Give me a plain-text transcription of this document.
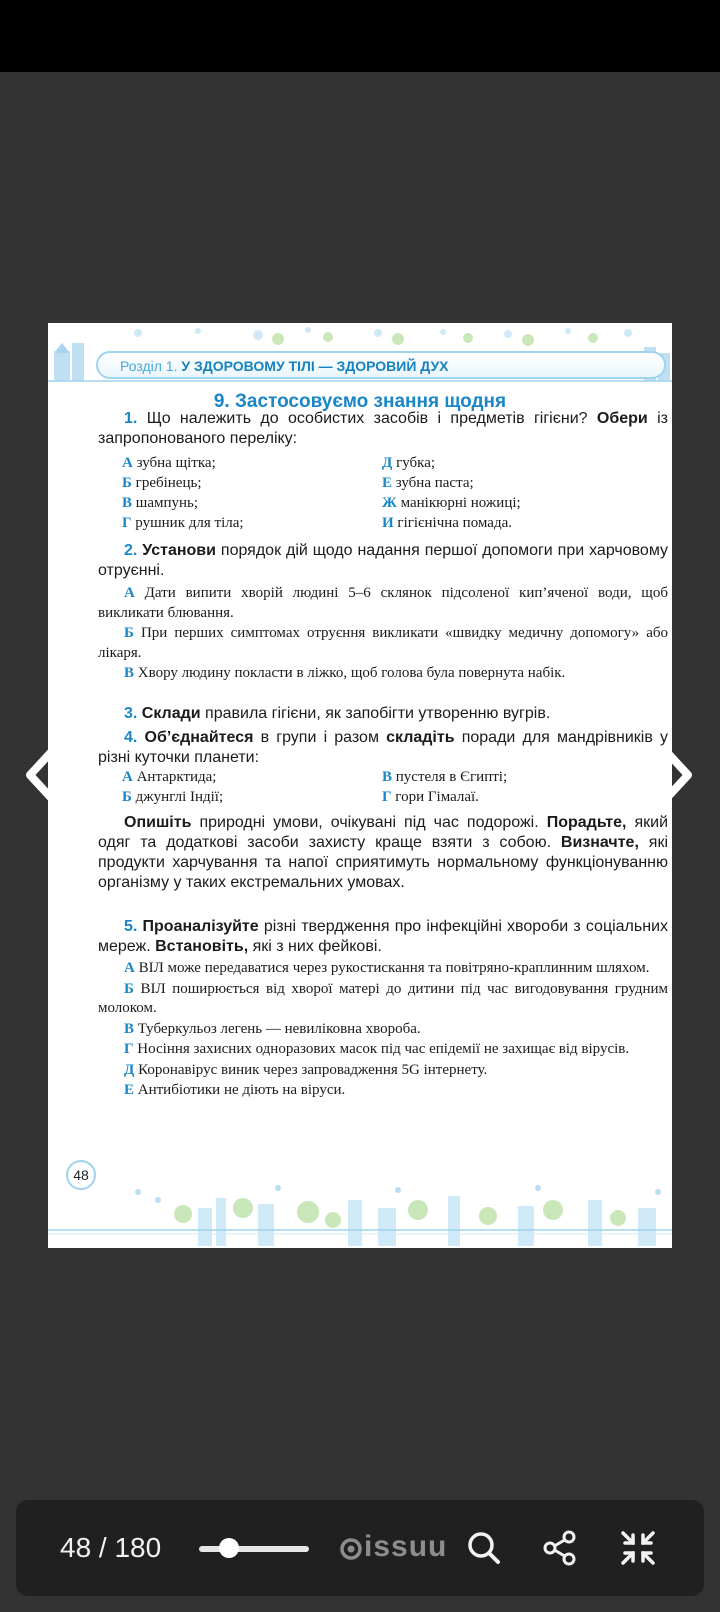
Розділ 1. У ЗДОРОВОМУ ТІЛІ — ЗДОРОВИЙ ДУХ
9. Застосовуємо знання щодня

1. Що належить до особистих засобів і предметів гігієни? Обери із запропонованого переліку:

А зубна щітка;
Б гребінець;
В шампунь;
Г рушник для тіла;
Д губка;
Е зубна паста;
Ж манікюрні ножиці;
И гігієнічна помада.

2. Установи порядок дій щодо надання першої допомоги при харчовому отруєнні.

А Дати випити хворій людині 5–6 склянок підсоленої кип’яченої води, щоб викликати блювання.

Б При перших симптомах отруєння викликати «швидку медичну допомогу» або лікаря.

В Хвору людину покласти в ліжко, щоб голова була повернута набік.

3. Склади правила гігієни, як запобігти утворенню вугрів.

4. Об’єднайтеся в групи і разом складіть поради для мандрівників у різні куточки планети:

А Антарктида;
Б джунглі Індії;
В пустеля в Єгипті;
Г гори Гімалаї.

Опишіть природні умови, очікувані під час подорожі. Порадьте, який одяг та додаткові засоби захисту краще взяти з собою. Визначте, які продукти харчування та напої сприятимуть нормальному функціонуванню організму у таких екстремальних умовах.

5. Проаналізуйте різні твердження про інфекційні хвороби з соціальних мереж. Встановіть, які з них фейкові.

А ВІЛ може передаватися через рукостискання та повітряно-краплинним шляхом.

Б ВІЛ поширюється від хворої матері до дитини під час вигодовування грудним молоком.

В Туберкульоз легень — невиліковна хвороба.

Г Носіння захисних одноразових масок під час епідемії не захищає від вірусів.

Д Коронавірус виник через запровадження 5G інтернету.

Е Антибіотики не діють на віруси.

48
48 / 180	issuu
